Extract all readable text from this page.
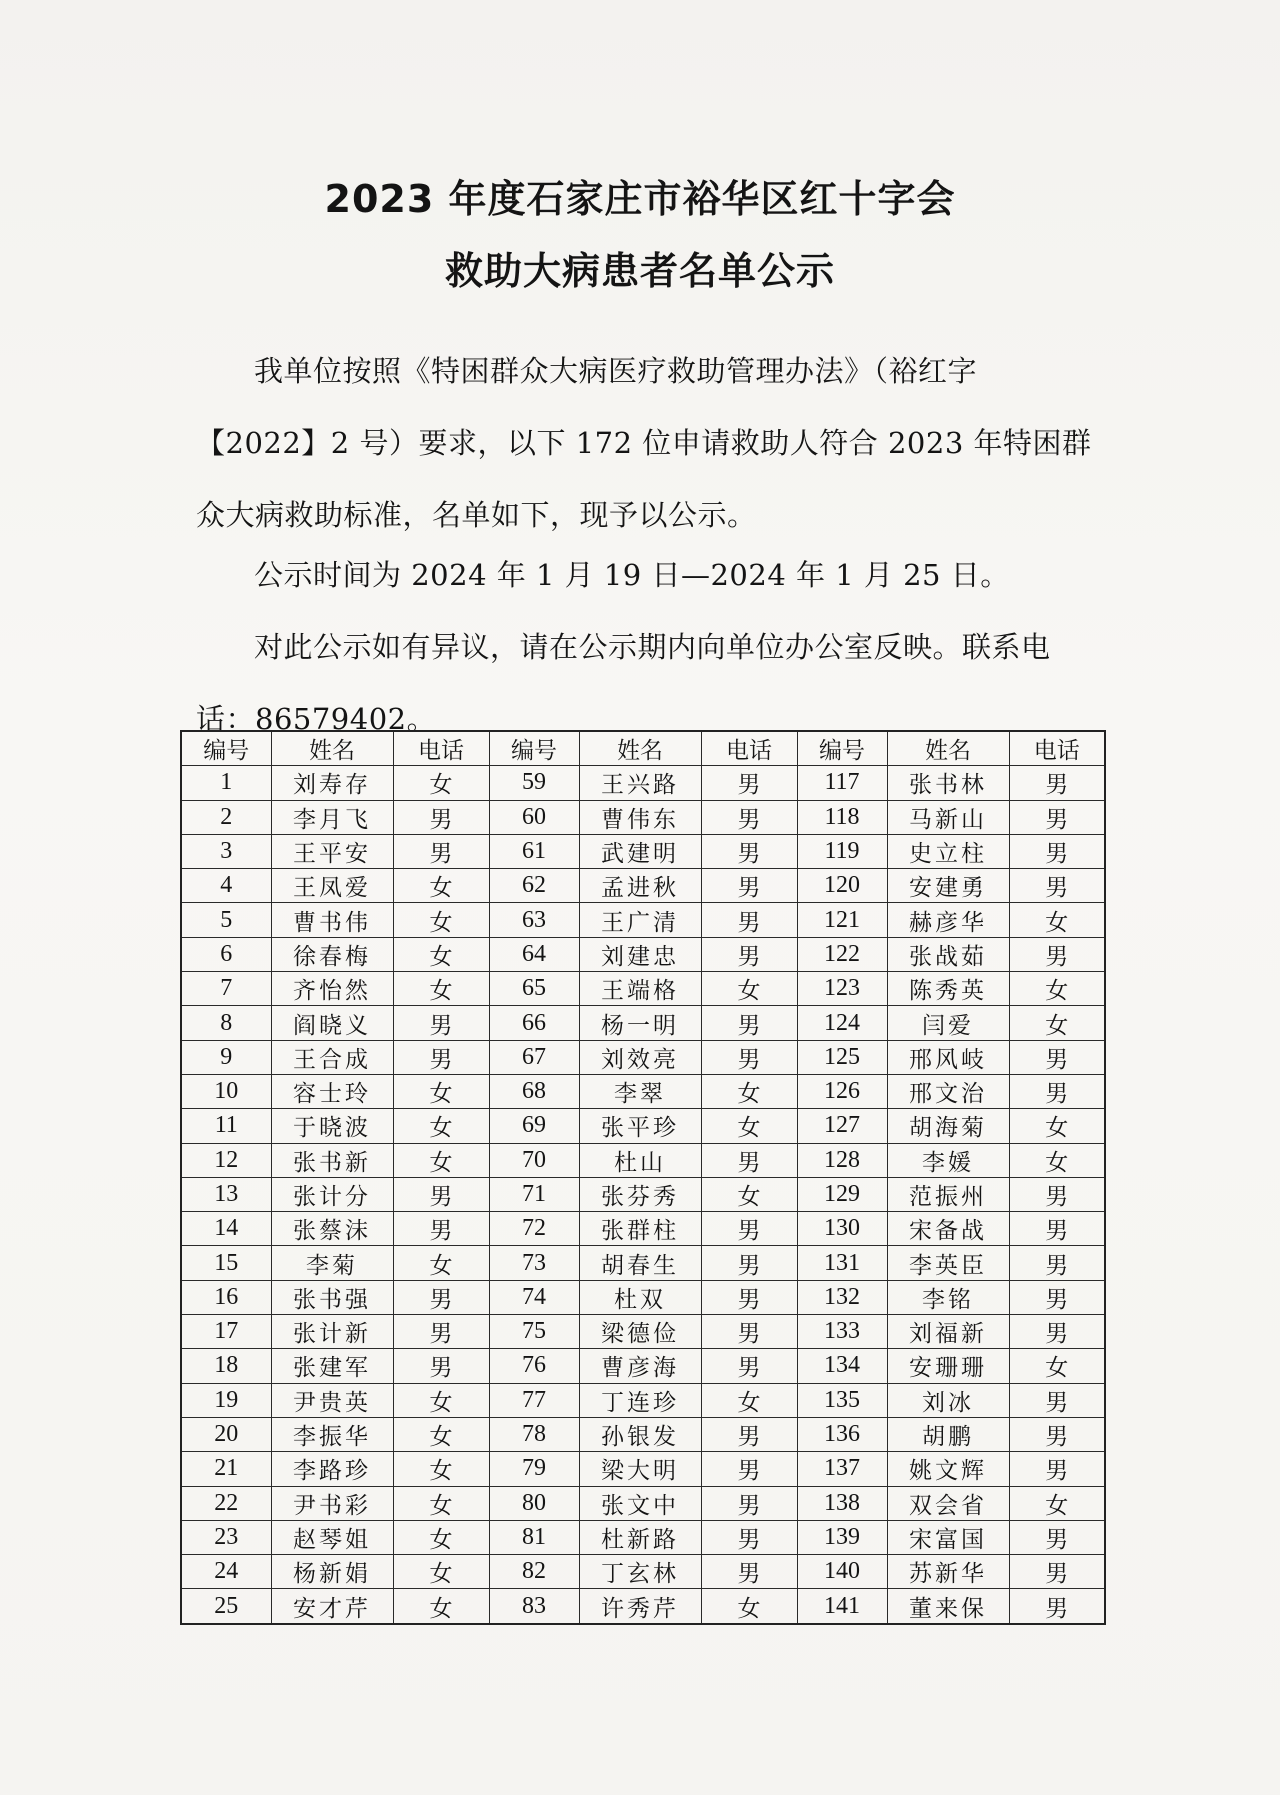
2023 年度石家庄市裕华区红十字会
救助大病患者名单公示
我单位按照《特困群众大病医疗救助管理办法》（裕红字【2022】2 号）要求，以下 172 位申请救助人符合 2023 年特困群众大病救助标准，名单如下，现予以公示。
公示时间为 2024 年 1 月 19 日—2024 年 1 月 25 日。
对此公示如有异议，请在公示期内向单位办公室反映。联系电话：86579402。
编号	姓名	电话	编号	姓名	电话	编号	姓名	电话
1	刘寿存	女	59	王兴路	男	117	张书林	男
2	李月飞	男	60	曹伟东	男	118	马新山	男
3	王平安	男	61	武建明	男	119	史立柱	男
4	王凤爱	女	62	孟进秋	男	120	安建勇	男
5	曹书伟	女	63	王广清	男	121	赫彦华	女
6	徐春梅	女	64	刘建忠	男	122	张战茹	男
7	齐怡然	女	65	王端格	女	123	陈秀英	女
8	阎晓义	男	66	杨一明	男	124	闫爱	女
9	王合成	男	67	刘效亮	男	125	邢风岐	男
10	容士玲	女	68	李翠	女	126	邢文治	男
11	于晓波	女	69	张平珍	女	127	胡海菊	女
12	张书新	女	70	杜山	男	128	李媛	女
13	张计分	男	71	张芬秀	女	129	范振州	男
14	张蔡沫	男	72	张群柱	男	130	宋备战	男
15	李菊	女	73	胡春生	男	131	李英臣	男
16	张书强	男	74	杜双	男	132	李铭	男
17	张计新	男	75	梁德俭	男	133	刘福新	男
18	张建军	男	76	曹彦海	男	134	安珊珊	女
19	尹贵英	女	77	丁连珍	女	135	刘冰	男
20	李振华	女	78	孙银发	男	136	胡鹏	男
21	李路珍	女	79	梁大明	男	137	姚文辉	男
22	尹书彩	女	80	张文中	男	138	双会省	女
23	赵琴姐	女	81	杜新路	男	139	宋富国	男
24	杨新娟	女	82	丁玄林	男	140	苏新华	男
25	安才芹	女	83	许秀芹	女	141	董来保	男
